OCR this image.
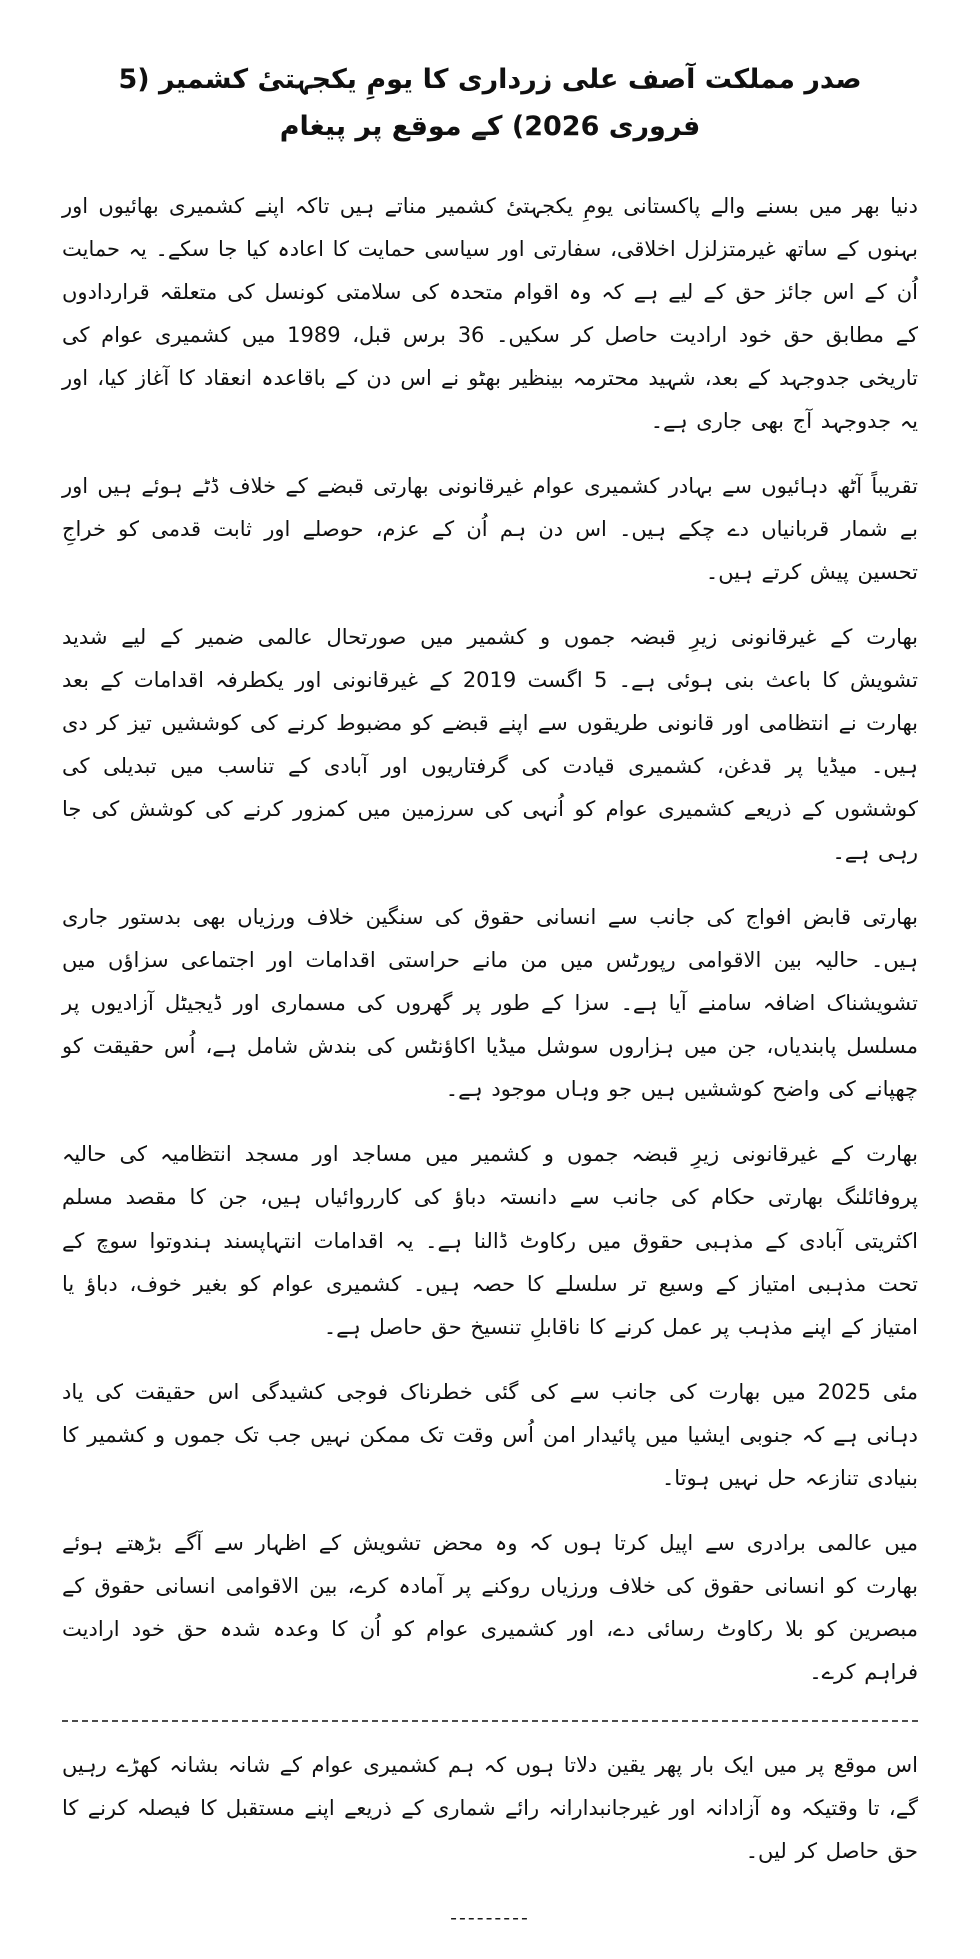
صدر مملکت آصف علی زرداری کا یومِ یکجہتیٔ کشمیر (5 فروری 2026) کے موقع پر پیغام

دنیا بھر میں بسنے والے پاکستانی یومِ یکجہتیٔ کشمیر مناتے ہیں تاکہ اپنے کشمیری بھائیوں اور بہنوں کے ساتھ غیرمتزلزل اخلاقی، سفارتی اور سیاسی حمایت کا اعادہ کیا جا سکے۔ یہ حمایت اُن کے اس جائز حق کے لیے ہے کہ وہ اقوام متحدہ کی سلامتی کونسل کی متعلقہ قراردادوں کے مطابق حق خود ارادیت حاصل کر سکیں۔ 36 برس قبل، 1989 میں کشمیری عوام کی تاریخی جدوجہد کے بعد، شہید محترمہ بینظیر بھٹو نے اس دن کے باقاعدہ انعقاد کا آغاز کیا، اور یہ جدوجہد آج بھی جاری ہے۔

تقریباً آٹھ دہائیوں سے بہادر کشمیری عوام غیرقانونی بھارتی قبضے کے خلاف ڈٹے ہوئے ہیں اور بے شمار قربانیاں دے چکے ہیں۔ اس دن ہم اُن کے عزم، حوصلے اور ثابت قدمی کو خراجِ تحسین پیش کرتے ہیں۔

بھارت کے غیرقانونی زیرِ قبضہ جموں و کشمیر میں صورتحال عالمی ضمیر کے لیے شدید تشویش کا باعث بنی ہوئی ہے۔ 5 اگست 2019 کے غیرقانونی اور یکطرفہ اقدامات کے بعد بھارت نے انتظامی اور قانونی طریقوں سے اپنے قبضے کو مضبوط کرنے کی کوششیں تیز کر دی ہیں۔ میڈیا پر قدغن، کشمیری قیادت کی گرفتاریوں اور آبادی کے تناسب میں تبدیلی کی کوششوں کے ذریعے کشمیری عوام کو اُنہی کی سرزمین میں کمزور کرنے کی کوشش کی جا رہی ہے۔

بھارتی قابض افواج کی جانب سے انسانی حقوق کی سنگین خلاف ورزیاں بھی بدستور جاری ہیں۔ حالیہ بین الاقوامی رپورٹس میں من مانے حراستی اقدامات اور اجتماعی سزاؤں میں تشویشناک اضافہ سامنے آیا ہے۔ سزا کے طور پر گھروں کی مسماری اور ڈیجیٹل آزادیوں پر مسلسل پابندیاں، جن میں ہزاروں سوشل میڈیا اکاؤنٹس کی بندش شامل ہے، اُس حقیقت کو چھپانے کی واضح کوششیں ہیں جو وہاں موجود ہے۔

بھارت کے غیرقانونی زیرِ قبضہ جموں و کشمیر میں مساجد اور مسجد انتظامیہ کی حالیہ پروفائلنگ بھارتی حکام کی جانب سے دانستہ دباؤ کی کارروائیاں ہیں، جن کا مقصد مسلم اکثریتی آبادی کے مذہبی حقوق میں رکاوٹ ڈالنا ہے۔ یہ اقدامات انتہاپسند ہندوتوا سوچ کے تحت مذہبی امتیاز کے وسیع تر سلسلے کا حصہ ہیں۔ کشمیری عوام کو بغیر خوف، دباؤ یا امتیاز کے اپنے مذہب پر عمل کرنے کا ناقابلِ تنسیخ حق حاصل ہے۔

مئی 2025 میں بھارت کی جانب سے کی گئی خطرناک فوجی کشیدگی اس حقیقت کی یاد دہانی ہے کہ جنوبی ایشیا میں پائیدار امن اُس وقت تک ممکن نہیں جب تک جموں و کشمیر کا بنیادی تنازعہ حل نہیں ہوتا۔

میں عالمی برادری سے اپیل کرتا ہوں کہ وہ محض تشویش کے اظہار سے آگے بڑھتے ہوئے بھارت کو انسانی حقوق کی خلاف ورزیاں روکنے پر آمادہ کرے، بین الاقوامی انسانی حقوق کے مبصرین کو بلا رکاوٹ رسائی دے، اور کشمیری عوام کو اُن کا وعدہ شدہ حق خود ارادیت فراہم کرے۔

اس موقع پر میں ایک بار پھر یقین دلاتا ہوں کہ ہم کشمیری عوام کے شانہ بشانہ کھڑے رہیں گے، تا وقتیکہ وہ آزادانہ اور غیرجانبدارانہ رائے شماری کے ذریعے اپنے مستقبل کا فیصلہ کرنے کا حق حاصل کر لیں۔

---------
